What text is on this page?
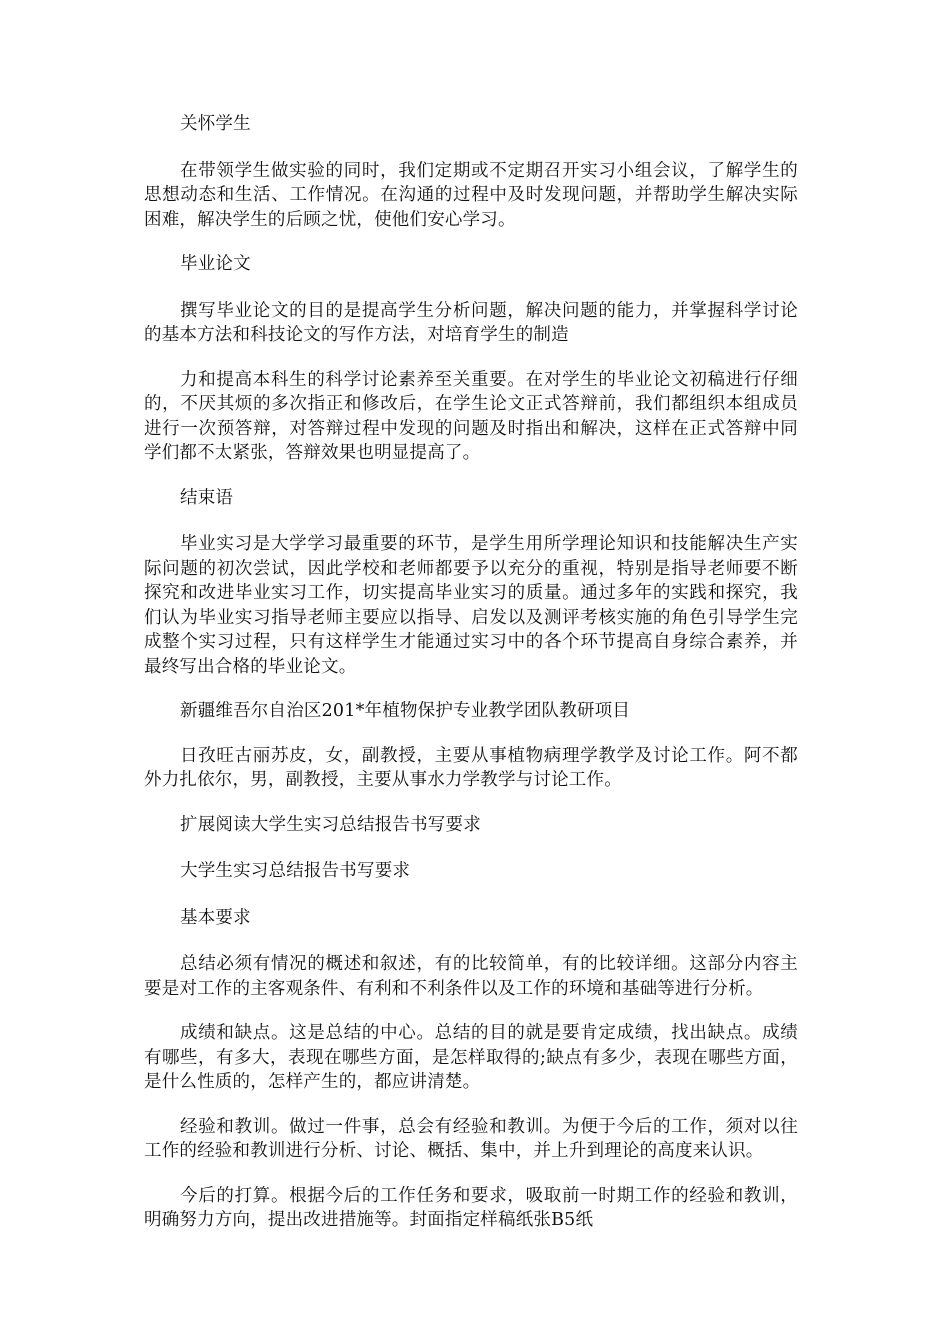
关怀学生

在带领学生做实验的同时，我们定期或不定期召开实习小组会议，了解学生的思想动态和生活、工作情况。在沟通的过程中及时发现问题，并帮助学生解决实际困难，解决学生的后顾之忧，使他们安心学习。

毕业论文

撰写毕业论文的目的是提高学生分析问题，解决问题的能力，并掌握科学讨论的基本方法和科技论文的写作方法，对培育学生的制造

力和提高本科生的科学讨论素养至关重要。在对学生的毕业论文初稿进行仔细的，不厌其烦的多次指正和修改后，在学生论文正式答辩前，我们都组织本组成员进行一次预答辩，对答辩过程中发现的问题及时指出和解决，这样在正式答辩中同学们都不太紧张，答辩效果也明显提高了。

结束语

毕业实习是大学学习最重要的环节，是学生用所学理论知识和技能解决生产实际问题的初次尝试，因此学校和老师都要予以充分的重视，特别是指导老师要不断探究和改进毕业实习工作，切实提高毕业实习的质量。通过多年的实践和探究，我们认为毕业实习指导老师主要应以指导、启发以及测评考核实施的角色引导学生完成整个实习过程，只有这样学生才能通过实习中的各个环节提高自身综合素养，并最终写出合格的毕业论文。

新疆维吾尔自治区201*年植物保护专业教学团队教研项目

日孜旺古丽苏皮，女，副教授，主要从事植物病理学教学及讨论工作。阿不都外力扎依尔，男，副教授，主要从事水力学教学与讨论工作。

扩展阅读大学生实习总结报告书写要求

大学生实习总结报告书写要求

基本要求

总结必须有情况的概述和叙述，有的比较简单，有的比较详细。这部分内容主要是对工作的主客观条件、有利和不利条件以及工作的环境和基础等进行分析。

成绩和缺点。这是总结的中心。总结的目的就是要肯定成绩，找出缺点。成绩有哪些，有多大，表现在哪些方面，是怎样取得的;缺点有多少，表现在哪些方面，是什么性质的，怎样产生的，都应讲清楚。

经验和教训。做过一件事，总会有经验和教训。为便于今后的工作，须对以往工作的经验和教训进行分析、讨论、概括、集中，并上升到理论的高度来认识。

今后的打算。根据今后的工作任务和要求，吸取前一时期工作的经验和教训，明确努力方向，提出改进措施等。封面指定样稿纸张B5纸
